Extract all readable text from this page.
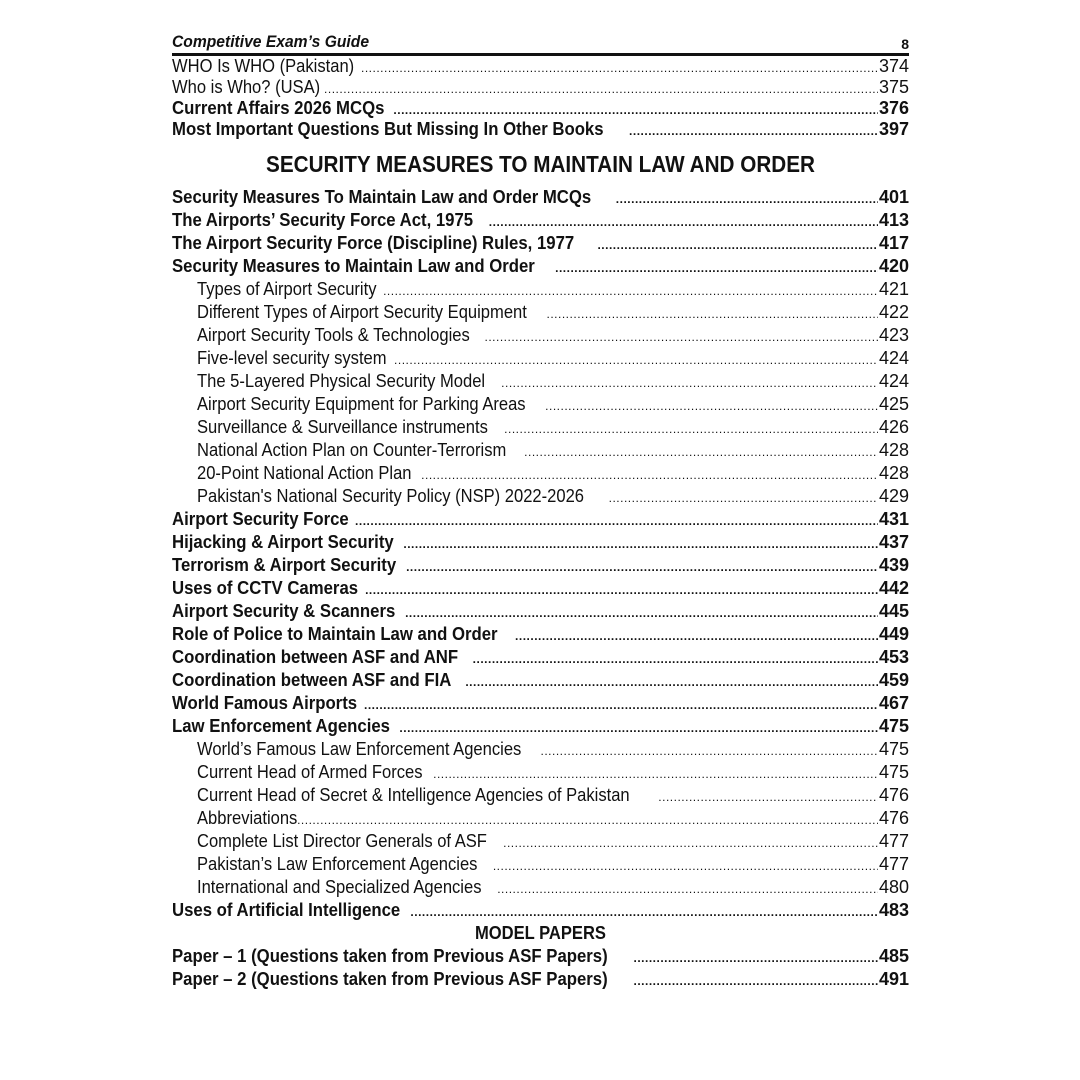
Competitive Exam’s Guide	8
WHO Is WHO (Pakistan) .....	374
Who is Who? (USA) .....	375
Current Affairs 2026 MCQs .....	376
Most Important Questions But Missing In Other Books .....	397
SECURITY MEASURES TO MAINTAIN LAW AND ORDER
Security Measures To Maintain Law and Order MCQs .....	401
The Airports’ Security Force Act, 1975 .....	413
The Airport Security Force (Discipline) Rules, 1977 .....	417
Security Measures to Maintain Law and Order .....	420
Types of Airport Security .....	421
Different Types of Airport Security Equipment .....	422
Airport Security Tools & Technologies .....	423
Five-level security system .....	424
The 5-Layered Physical Security Model .....	424
Airport Security Equipment for Parking Areas .....	425
Surveillance & Surveillance instruments .....	426
National Action Plan on Counter-Terrorism .....	428
20-Point National Action Plan .....	428
Pakistan's National Security Policy (NSP) 2022-2026 .....	429
Airport Security Force .....	431
Hijacking & Airport Security .....	437
Terrorism & Airport Security .....	439
Uses of CCTV Cameras .....	442
Airport Security & Scanners .....	445
Role of Police to Maintain Law and Order .....	449
Coordination between ASF and ANF .....	453
Coordination between ASF and FIA .....	459
World Famous Airports .....	467
Law Enforcement Agencies .....	475
World’s Famous Law Enforcement Agencies .....	475
Current Head of Armed Forces .....	475
Current Head of Secret & Intelligence Agencies of Pakistan .....	476
Abbreviations .....	476
Complete List Director Generals of ASF .....	477
Pakistan’s Law Enforcement Agencies .....	477
International and Specialized Agencies .....	480
Uses of Artificial Intelligence .....	483
MODEL PAPERS
Paper – 1 (Questions taken from Previous ASF Papers) .....	485
Paper – 2 (Questions taken from Previous ASF Papers) .....	491
